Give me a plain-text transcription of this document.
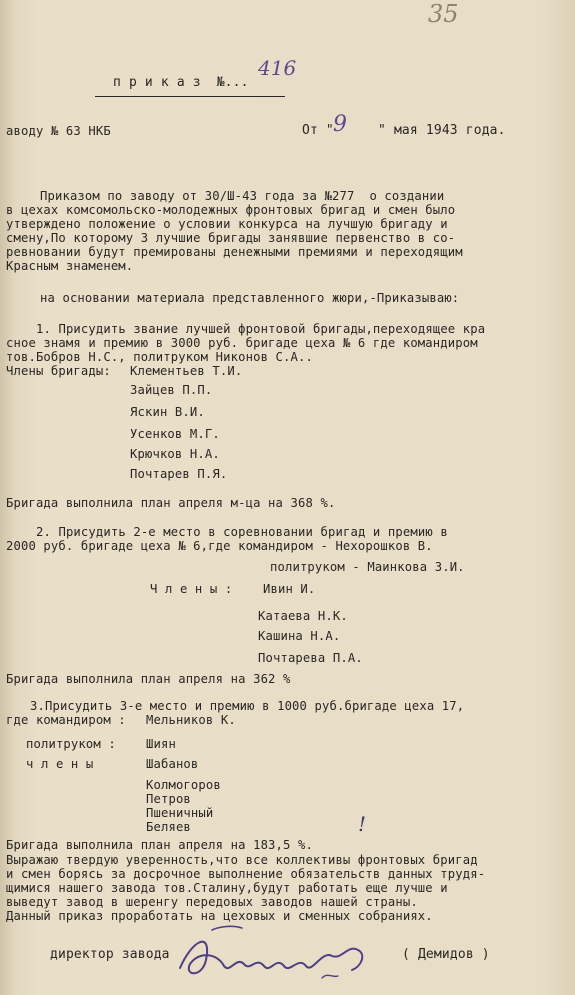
35
п р и к а з  №...
416
аводу № 63 НКБ	От " 9 " мая 1943 года.
Приказом по заводу от 30/Ш-43 года за №277  о создании
в цехах комсомольско-молодежных фронтовых бригад и смен было
утверждено положение о условии конкурса на лучшую бригаду и
смену,По которому 3 лучшие бригады занявшие первенство в со-
ревновании будут премированы денежными премиями и переходящим
Красным знаменем.
на основании материала представленного жюри,-Приказываю:
1. Присудить звание лучшей фронтовой бригады,переходящее кра
сное знамя и премию в 3000 руб. бригаде цеха № 6 где командиром
тов.Бобров Н.С., политруком Никонов С.А..
Члены бригады: Клементьев Т.И.
Зайцев П.П.
Яскин В.И.
Усенков М.Г.
Крючков Н.А.
Почтарев П.Я.
Бригада выполнила план апреля м-ца на 368 %.
2. Присудить 2-е место в соревновании бригад и премию в
2000 руб. бригаде цеха № 6,где командиром - Нехорошков В.
политруком - Маинкова З.И.
Ч л е н ы :	Ивин И.
Катаева Н.К.
Кашина Н.А.
Почтарева П.А.
Бригада выполнила план апреля на 362 %
3.Присудить 3-е место и премию в 1000 руб.бригаде цеха 17,
где командиром : Мельников К.
политруком : Шиян
ч л е н ы	Шабанов
Колмогоров
Петров
Пшеничный
Беляев
Бригада выполнила план апреля на 183,5 %.
!
Выражаю твердую уверенность,что все коллективы фронтовых бригад
и смен борясь за досрочное выполнение обязательств данных трудя-
щимися нашего завода тов.Сталину,будут работать еще лучше и
выведут завод в шеренгу передовых заводов нашей страны.
Данный приказ проработать на цеховых и сменных собраниях.
директор завода	( Демидов )
